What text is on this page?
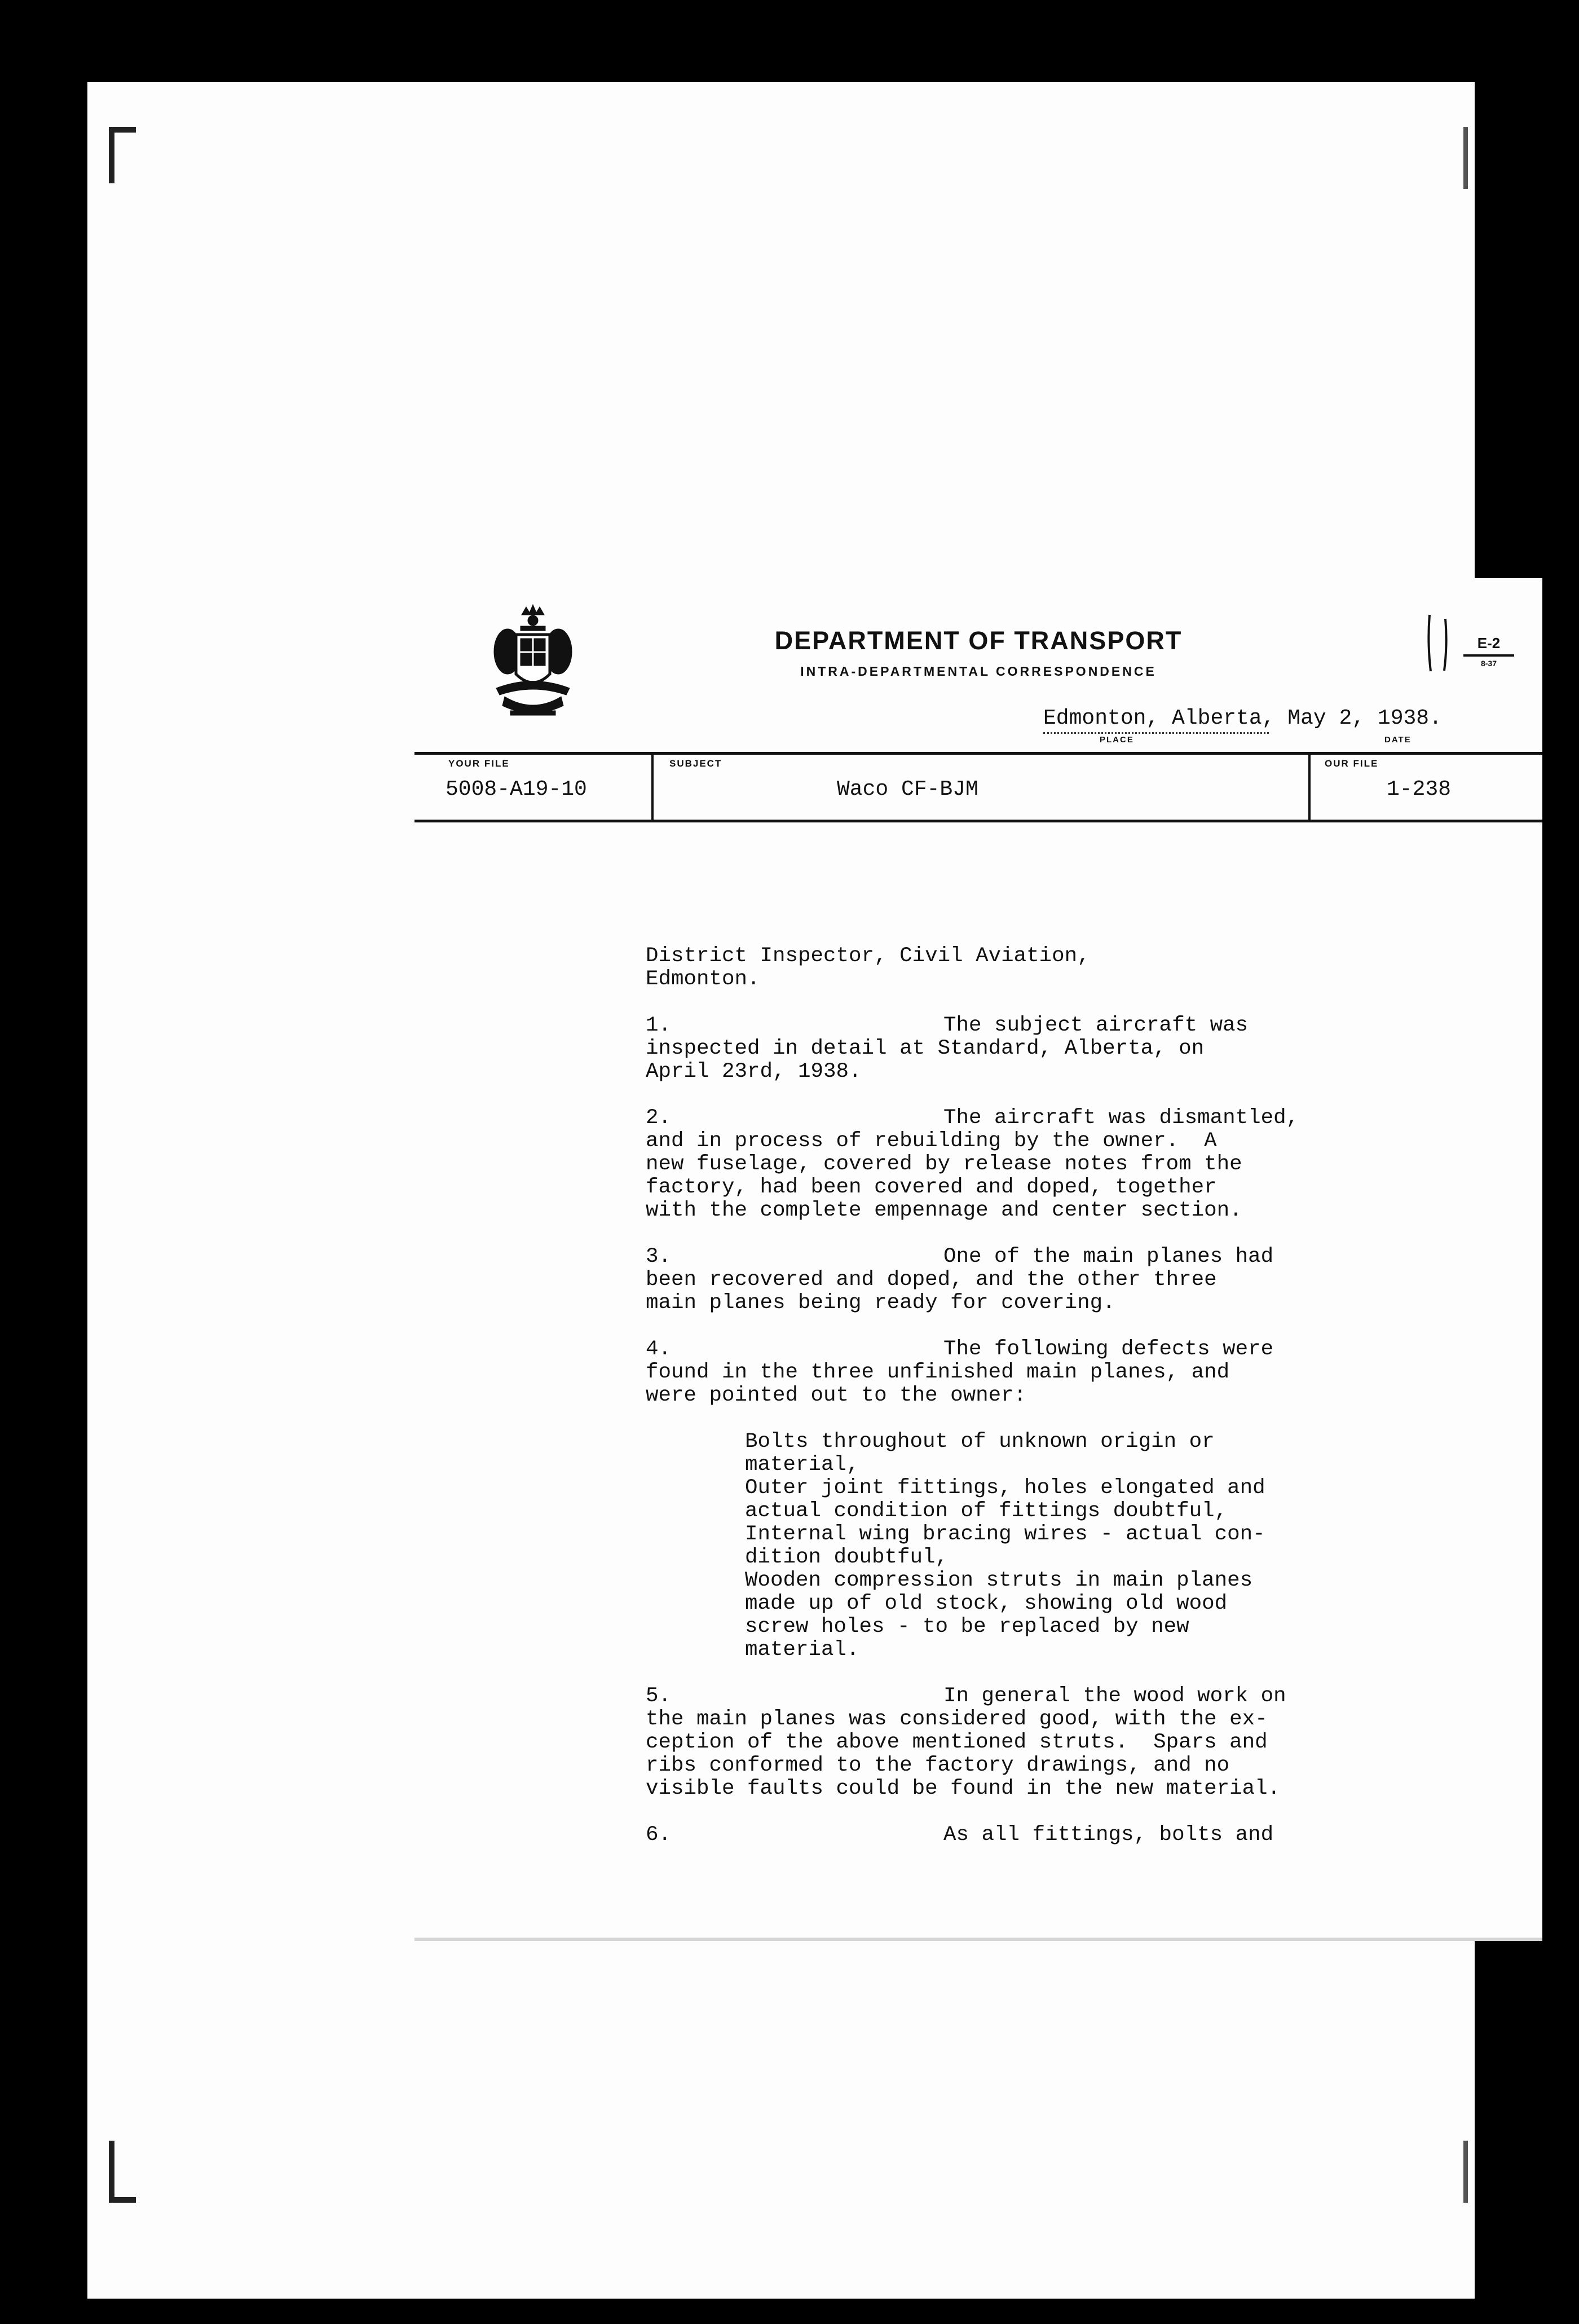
DEPARTMENT OF TRANSPORT
INTRA-DEPARTMENTAL CORRESPONDENCE
E-2
8-37
Edmonton, Alberta, May 2, 1938.
PLACE	DATE
YOUR FILE
5008-A19-10
SUBJECT
Waco CF-BJM
OUR FILE
1-238

District Inspector, Civil Aviation,

Edmonton.

1.	The subject aircraft was

inspected in detail at Standard, Alberta, on

April 23rd, 1938.

2.	The aircraft was dismantled,

and in process of rebuilding by the owner.  A

new fuselage, covered by release notes from the

factory, had been covered and doped, together

with the complete empennage and center section.

3.	One of the main planes had

been recovered and doped, and the other three

main planes being ready for covering.

4.	The following defects were

found in the three unfinished main planes, and

were pointed out to the owner:

Bolts throughout of unknown origin or

material,

Outer joint fittings, holes elongated and

actual condition of fittings doubtful,

Internal wing bracing wires - actual con-

dition doubtful,

Wooden compression struts in main planes

made up of old stock, showing old wood

screw holes - to be replaced by new

material.

5.	In general the wood work on

the main planes was considered good, with the ex-

ception of the above mentioned struts.  Spars and

ribs conformed to the factory drawings, and no

visible faults could be found in the new material.

6.	As all fittings, bolts and
